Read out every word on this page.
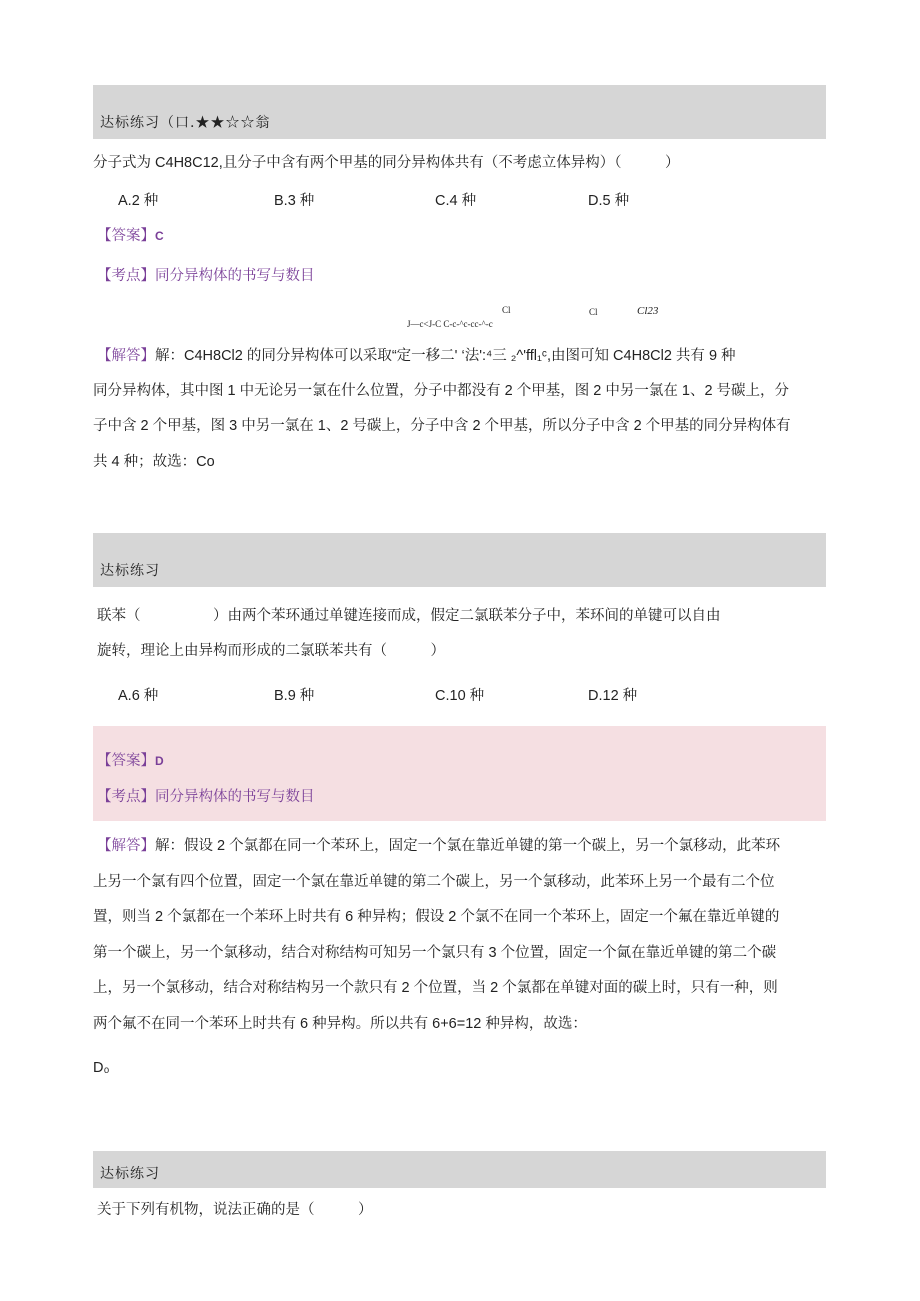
达标练习（口.★★☆☆翁
分子式为 C4H8C12,且分子中含有两个甲基的同分异构体共有（不考虑立体异构）（　　　）
A.2 种	B.3 种	C.4 种	D.5 种
【答案】C
【考点】同分异构体的书写与数目
J—c<J-C C-c-^c-cc-^-c
Cl	Cl	Cl23
【解答】解：C4H8Cl2 的同分异构体可以采取“定一移二' ‘法':⁴三 ₂^'ffl₁ᶜ,由图可知 C4H8Cl2 共有 9 种
同分异构体，其中图 1 中无论另一氯在什么位置，分子中都没有 2 个甲基，图 2 中另一氯在 1、2 号碳上，分
子中含 2 个甲基，图 3 中另一氯在 1、2 号碳上，分子中含 2 个甲基，所以分子中含 2 个甲基的同分异构体有
共 4 种；故选：Co
达标练习
联苯（　　　　　）由两个苯环通过单键连接而成，假定二氯联苯分子中，苯环间的单键可以自由
旋转，理论上由异构而形成的二氯联苯共有（　　　）
A.6 种	B.9 种	C.10 种	D.12 种
【答案】D
【考点】同分异构体的书写与数目
【解答】解：假设 2 个氯都在同一个苯环上，固定一个氯在靠近单键的第一个碳上，另一个氯移动，此苯环
上另一个氯有四个位置，固定一个氯在靠近单键的第二个碳上，另一个氯移动，此苯环上另一个最有二个位
置，则当 2 个氯都在一个苯环上时共有 6 种异构；假设 2 个氯不在同一个苯环上，固定一个氟在靠近单键的
第一个碳上，另一个氯移动，结合对称结构可知另一个氯只有 3 个位置，固定一个氤在靠近单键的第二个碳
上，另一个氯移动，结合对称结构另一个款只有 2 个位置，当 2 个氯都在单键对面的碳上时，只有一种，则
两个氟不在同一个苯环上时共有 6 种异构。所以共有 6+6=12 种异构，故选：
D₀
达标练习
关于下列有机物，说法正确的是（　　　）
